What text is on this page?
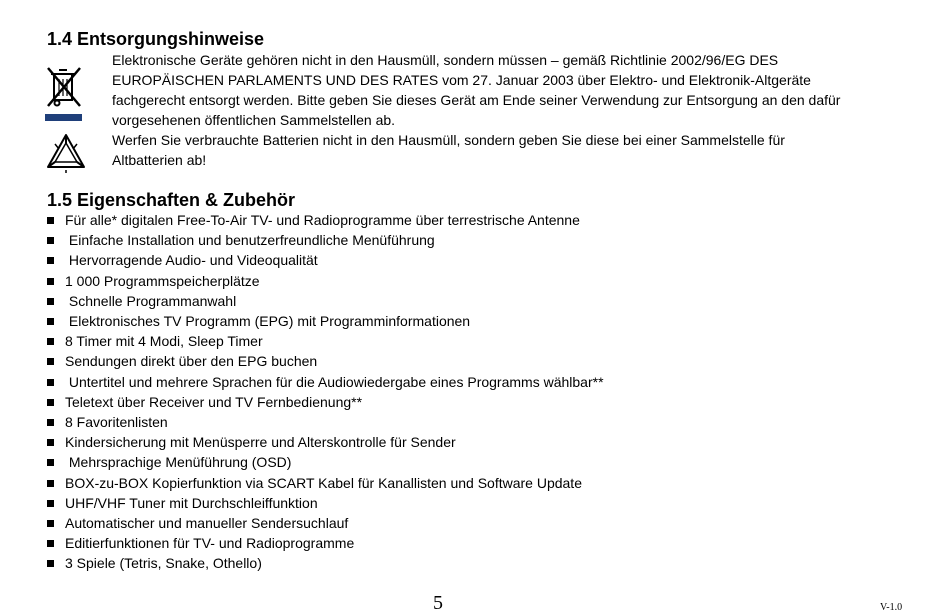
1.4 Entsorgungshinweise

Elektronische Geräte gehören nicht in den Hausmüll, sondern müssen – gemäß Richtlinie 2002/96/EG DES
EUROPÄISCHEN PARLAMENTS UND DES RATES vom 27. Januar 2003 über Elektro- und Elektronik-Altgeräte
fachgerecht entsorgt werden. Bitte geben Sie dieses Gerät am Ende seiner Verwendung zur Entsorgung an den dafür
vorgesehenen öffentlichen Sammelstellen ab.

Werfen Sie verbrauchte Batterien nicht in den Hausmüll, sondern geben Sie diese bei einer Sammelstelle für
Altbatterien ab!

1.5 Eigenschaften & Zubehör
Für alle* digitalen Free-To-Air TV- und Radioprogramme über terrestrische Antenne
Einfache Installation und benutzerfreundliche Menüführung
Hervorragende Audio- und Videoqualität
1 000 Programmspeicherplätze
Schnelle Programmanwahl
Elektronisches TV Programm (EPG) mit Programminformationen
8 Timer mit 4 Modi, Sleep Timer
Sendungen direkt über den EPG buchen
Untertitel und mehrere Sprachen für die Audiowiedergabe eines Programms wählbar**
Teletext über Receiver und TV Fernbedienung**
8 Favoritenlisten
Kindersicherung mit Menüsperre und Alterskontrolle für Sender
Mehrsprachige Menüführung (OSD)
BOX-zu-BOX Kopierfunktion via SCART Kabel für Kanallisten und Software Update
UHF/VHF Tuner mit Durchschleiffunktion
Automatischer und manueller Sendersuchlauf
Editierfunktionen für TV- und Radioprogramme
3 Spiele (Tetris, Snake, Othello)
5	V-1.0
